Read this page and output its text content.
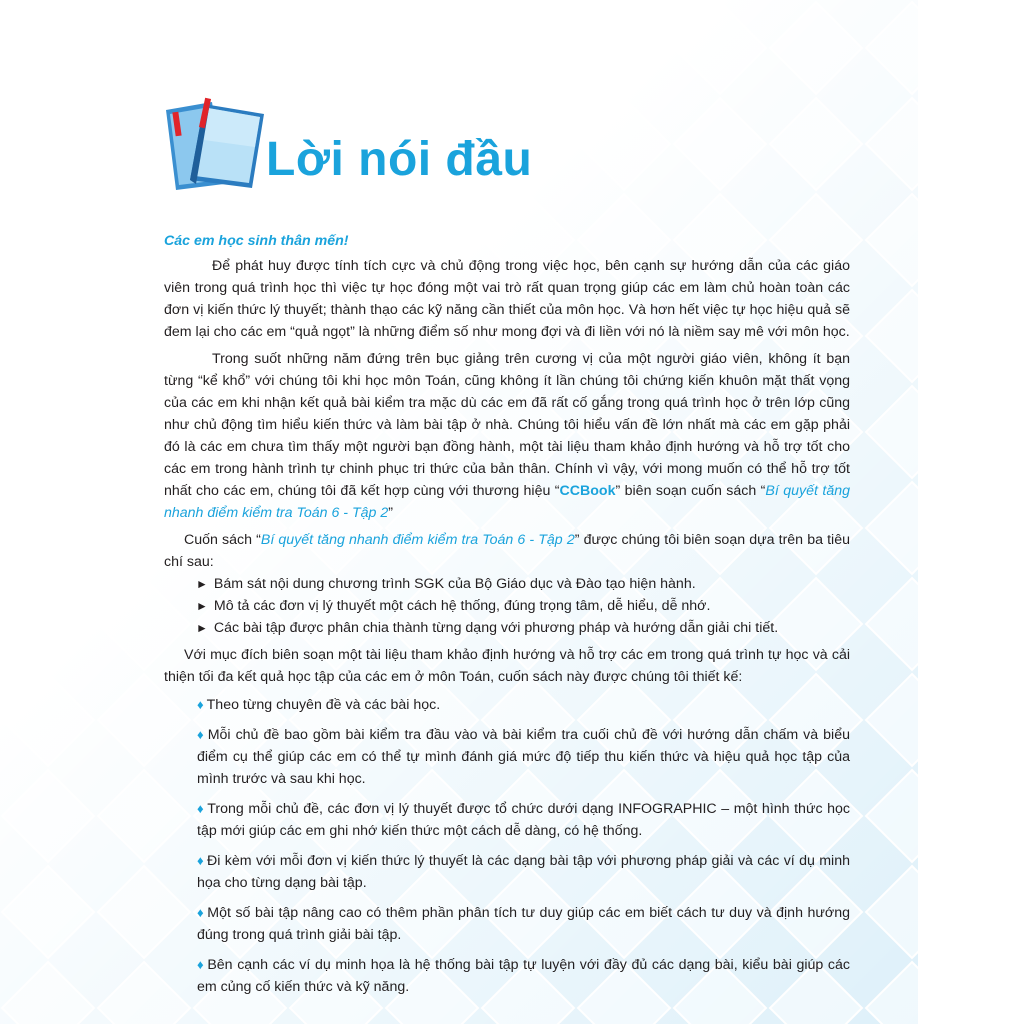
Lời nói đầu

Các em học sinh thân mến!

Để phát huy được tính tích cực và chủ động trong việc học, bên cạnh sự hướng dẫn của các giáo viên trong quá trình học thì việc tự học đóng một vai trò rất quan trọng giúp các em làm chủ hoàn toàn các đơn vị kiến thức lý thuyết; thành thạo các kỹ năng cần thiết của môn học. Và hơn hết việc tự học hiệu quả sẽ đem lại cho các em “quả ngọt” là những điểm số như mong đợi và đi liền với nó là niềm say mê với môn học.

Trong suốt những năm đứng trên bục giảng trên cương vị của một người giáo viên, không ít bạn từng “kể khổ” với chúng tôi khi học môn Toán, cũng không ít lần chúng tôi chứng kiến khuôn mặt thất vọng của các em khi nhận kết quả bài kiểm tra mặc dù các em đã rất cố gắng trong quá trình học ở trên lớp cũng như chủ động tìm hiểu kiến thức và làm bài tập ở nhà. Chúng tôi hiểu vấn đề lớn nhất mà các em gặp phải đó là các em chưa tìm thấy một người bạn đồng hành, một tài liệu tham khảo định hướng và hỗ trợ tốt cho các em trong hành trình tự chinh phục tri thức của bản thân. Chính vì vậy, với mong muốn có thể hỗ trợ tốt nhất cho các em, chúng tôi đã kết hợp cùng với thương hiệu “CCBook” biên soạn cuốn sách “Bí quyết tăng nhanh điểm kiểm tra Toán 6 - Tập 2”

Cuốn sách “Bí quyết tăng nhanh điểm kiểm tra Toán 6 - Tập 2” được chúng tôi biên soạn dựa trên ba tiêu chí sau:

► Bám sát nội dung chương trình SGK của Bộ Giáo dục và Đào tạo hiện hành.
► Mô tả các đơn vị lý thuyết một cách hệ thống, đúng trọng tâm, dễ hiểu, dễ nhớ.
► Các bài tập được phân chia thành từng dạng với phương pháp và hướng dẫn giải chi tiết.

Với mục đích biên soạn một tài liệu tham khảo định hướng và hỗ trợ các em trong quá trình tự học và cải thiện tối đa kết quả học tập của các em ở môn Toán, cuốn sách này được chúng tôi thiết kế:

♦ Theo từng chuyên đề và các bài học.
♦ Mỗi chủ đề bao gồm bài kiểm tra đầu vào và bài kiểm tra cuối chủ đề với hướng dẫn chấm và biểu điểm cụ thể giúp các em có thể tự mình đánh giá mức độ tiếp thu kiến thức và hiệu quả học tập của mình trước và sau khi học.
♦ Trong mỗi chủ đề, các đơn vị lý thuyết được tổ chức dưới dạng INFOGRAPHIC – một hình thức học tập mới giúp các em ghi nhớ kiến thức một cách dễ dàng, có hệ thống.
♦ Đi kèm với mỗi đơn vị kiến thức lý thuyết là các dạng bài tập với phương pháp giải và các ví dụ minh họa cho từng dạng bài tập.
♦ Một số bài tập nâng cao có thêm phần phân tích tư duy giúp các em biết cách tư duy và định hướng đúng trong quá trình giải bài tập.
♦ Bên cạnh các ví dụ minh họa là hệ thống bài tập tự luyện với đầy đủ các dạng bài, kiểu bài giúp các em củng cố kiến thức và kỹ năng.
